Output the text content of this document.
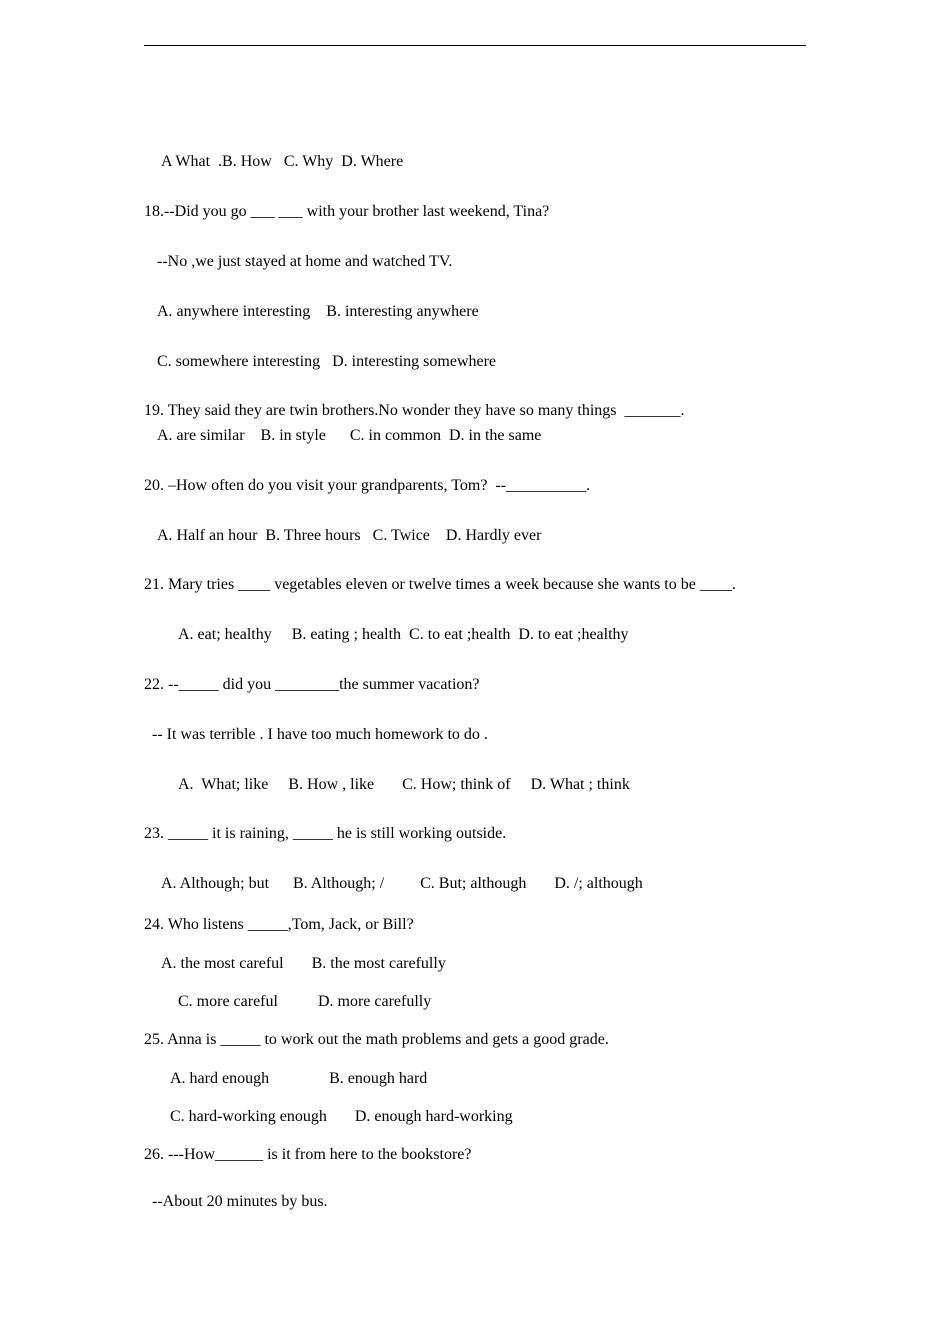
A What  .B. How   C. Why  D. Where
18.--Did you go ___ ___ with your brother last weekend, Tina?
--No ,we just stayed at home and watched TV.
A. anywhere interesting    B. interesting anywhere
C. somewhere interesting   D. interesting somewhere
19. They said they are twin brothers.No wonder they have so many things  _______.
A. are similar    B. in style      C. in common  D. in the same
20. –How often do you visit your grandparents, Tom?  --__________.
A. Half an hour  B. Three hours   C. Twice    D. Hardly ever
21. Mary tries ____ vegetables eleven or twelve times a week because she wants to be ____.
A. eat; healthy     B. eating ; health  C. to eat ;health  D. to eat ;healthy
22. --_____ did you ________the summer vacation?
-- It was terrible . I have too much homework to do .
A.  What; like     B. How , like       C. How; think of     D. What ; think
23. _____ it is raining, _____ he is still working outside.
A. Although; but      B. Although; /         C. But; although       D. /; although
24. Who listens _____,Tom, Jack, or Bill?
A. the most careful       B. the most carefully
C. more careful          D. more carefully
25. Anna is _____ to work out the math problems and gets a good grade.
A. hard enough               B. enough hard
C. hard-working enough       D. enough hard-working
26. ---How______ is it from here to the bookstore?
--About 20 minutes by bus.
